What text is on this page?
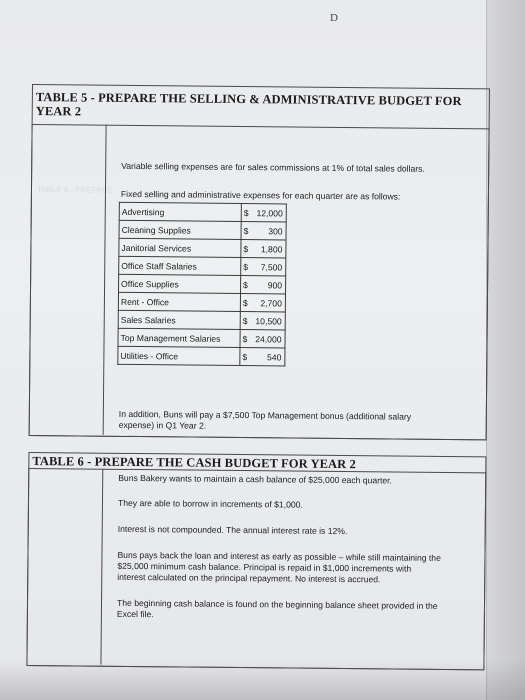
D
TABLE 5 - PREPARE THE SELLING & ADMINISTRATIVE BUDGET FOR
YEAR 2
TABLE 8 - PREPARE
Variable selling expenses are for sales commissions at 1% of total sales dollars.
Fixed selling and administrative expenses for each quarter are as follows:
Advertising	$ 12,000
Cleaning Supplies	$ 300
Janitorial Services	$ 1,800
Office Staff Salaries	$ 7,500
Office Supplies	$ 900
Rent - Office	$ 2,700
Sales Salaries	$ 10,500
Top Management Salaries	$ 24,000
Utilities - Office	$ 540
In addition, Buns will pay a $7,500 Top Management bonus (additional salary
expense) in Q1 Year 2.
TABLE 6 - PREPARE THE CASH BUDGET FOR YEAR 2
Buns Bakery wants to maintain a cash balance of $25,000 each quarter.
They are able to borrow in increments of $1,000.
Interest is not compounded. The annual interest rate is 12%.
Buns pays back the loan and interest as early as possible – while still maintaining the
$25,000 minimum cash balance. Principal is repaid in $1,000 increments with
interest calculated on the principal repayment. No interest is accrued.
The beginning cash balance is found on the beginning balance sheet provided in the
Excel file.
